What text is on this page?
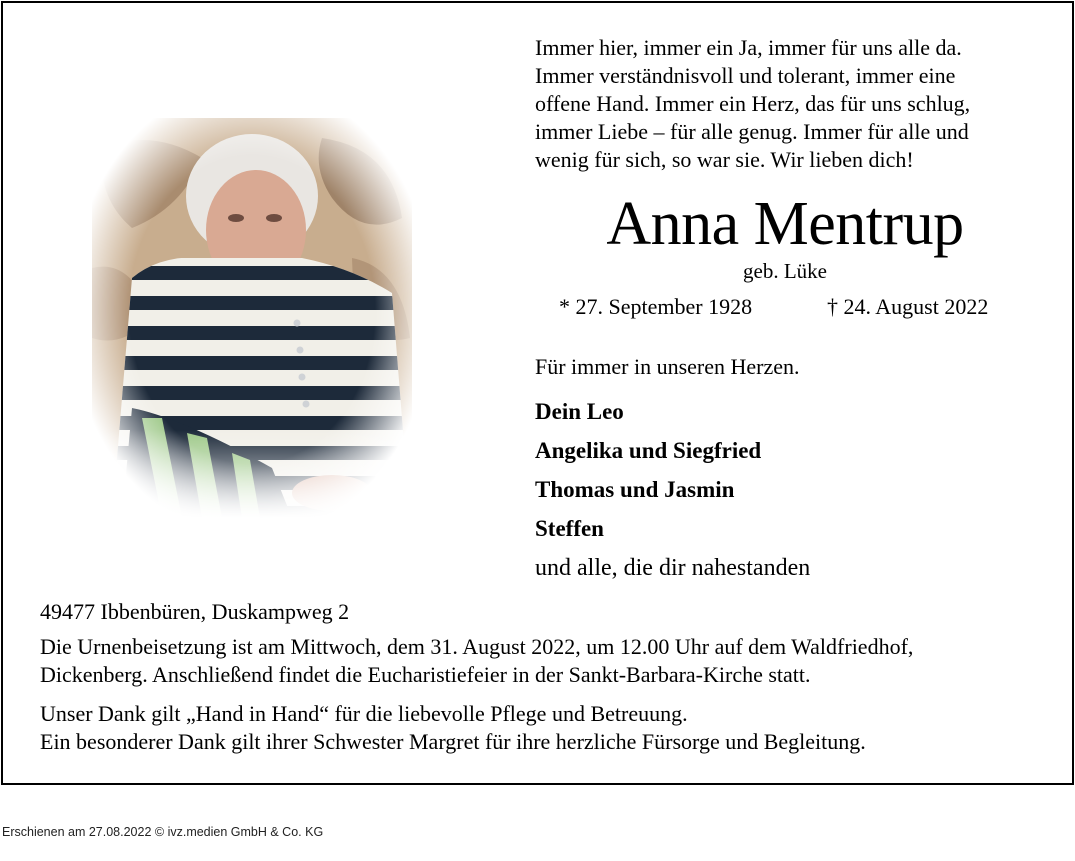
Immer hier, immer ein Ja, immer für uns alle da.
Immer verständnisvoll und tolerant, immer eine
offene Hand. Immer ein Herz, das für uns schlug,
immer Liebe – für alle genug. Immer für alle und
wenig für sich, so war sie. Wir lieben dich!
Anna Mentrup
geb. Lüke
* 27. September 1928	† 24. August 2022
Für immer in unseren Herzen.
Dein Leo
Angelika und Siegfried
Thomas und Jasmin
Steffen
und alle, die dir nahestanden
49477 Ibbenbüren, Duskampweg 2
Die Urnenbeisetzung ist am Mittwoch, dem 31. August 2022, um 12.00 Uhr auf dem Waldfriedhof,
Dickenberg. Anschließend findet die Eucharistiefeier in der Sankt-Barbara-Kirche statt.
Unser Dank gilt „Hand in Hand“ für die liebevolle Pflege und Betreuung.
Ein besonderer Dank gilt ihrer Schwester Margret für ihre herzliche Fürsorge und Begleitung.
Erschienen am 27.08.2022 © ivz.medien GmbH & Co. KG
